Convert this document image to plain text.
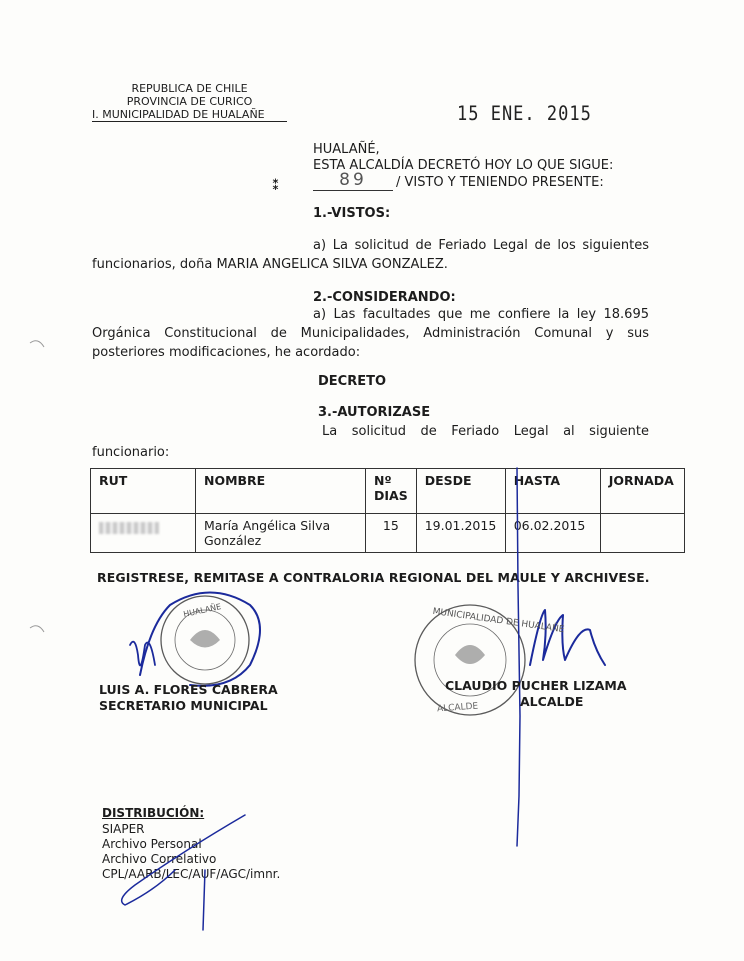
REPUBLICA DE CHILE
PROVINCIA DE CURICO
I. MUNICIPALIDAD DE HUALAÑE	15 ENE. 2015
HUALAÑÉ,
ESTA ALCALDÍA DECRETÓ HOY LO QUE SIGUE:
⁑	89	/ VISTO Y TENIENDO PRESENTE:
1.-VISTOS:
a) La solicitud de Feriado Legal de los siguientes funcionarios, doña MARIA ANGELICA SILVA GONZALEZ.
2.-CONSIDERANDO:
a) Las facultades que me confiere la ley 18.695 Orgánica Constitucional de Municipalidades, Administración Comunal y sus posteriores modificaciones, he acordado:
DECRETO
3.-AUTORIZASE
La solicitud de Feriado Legal al siguiente funcionario:
RUT	NOMBRE	Nº DIAS	DESDE	HASTA	JORNADA
	María Angélica Silva González	15	19.01.2015	06.02.2015	
REGISTRESE, REMITASE A CONTRALORIA REGIONAL DEL MAULE Y ARCHIVESE.
HUALAÑE
LUIS A. FLORES CABRERA
SECRETARIO MUNICIPAL
MUNICIPALIDAD DE HUALAÑE
CLAUDIO PUCHER LIZAMA
ALCALDE
ALCALDE
DISTRIBUCIÓN:
SIAPER
Archivo Personal
Archivo Correlativo
CPL/AARB/LEC/AUF/AGC/imnr.
